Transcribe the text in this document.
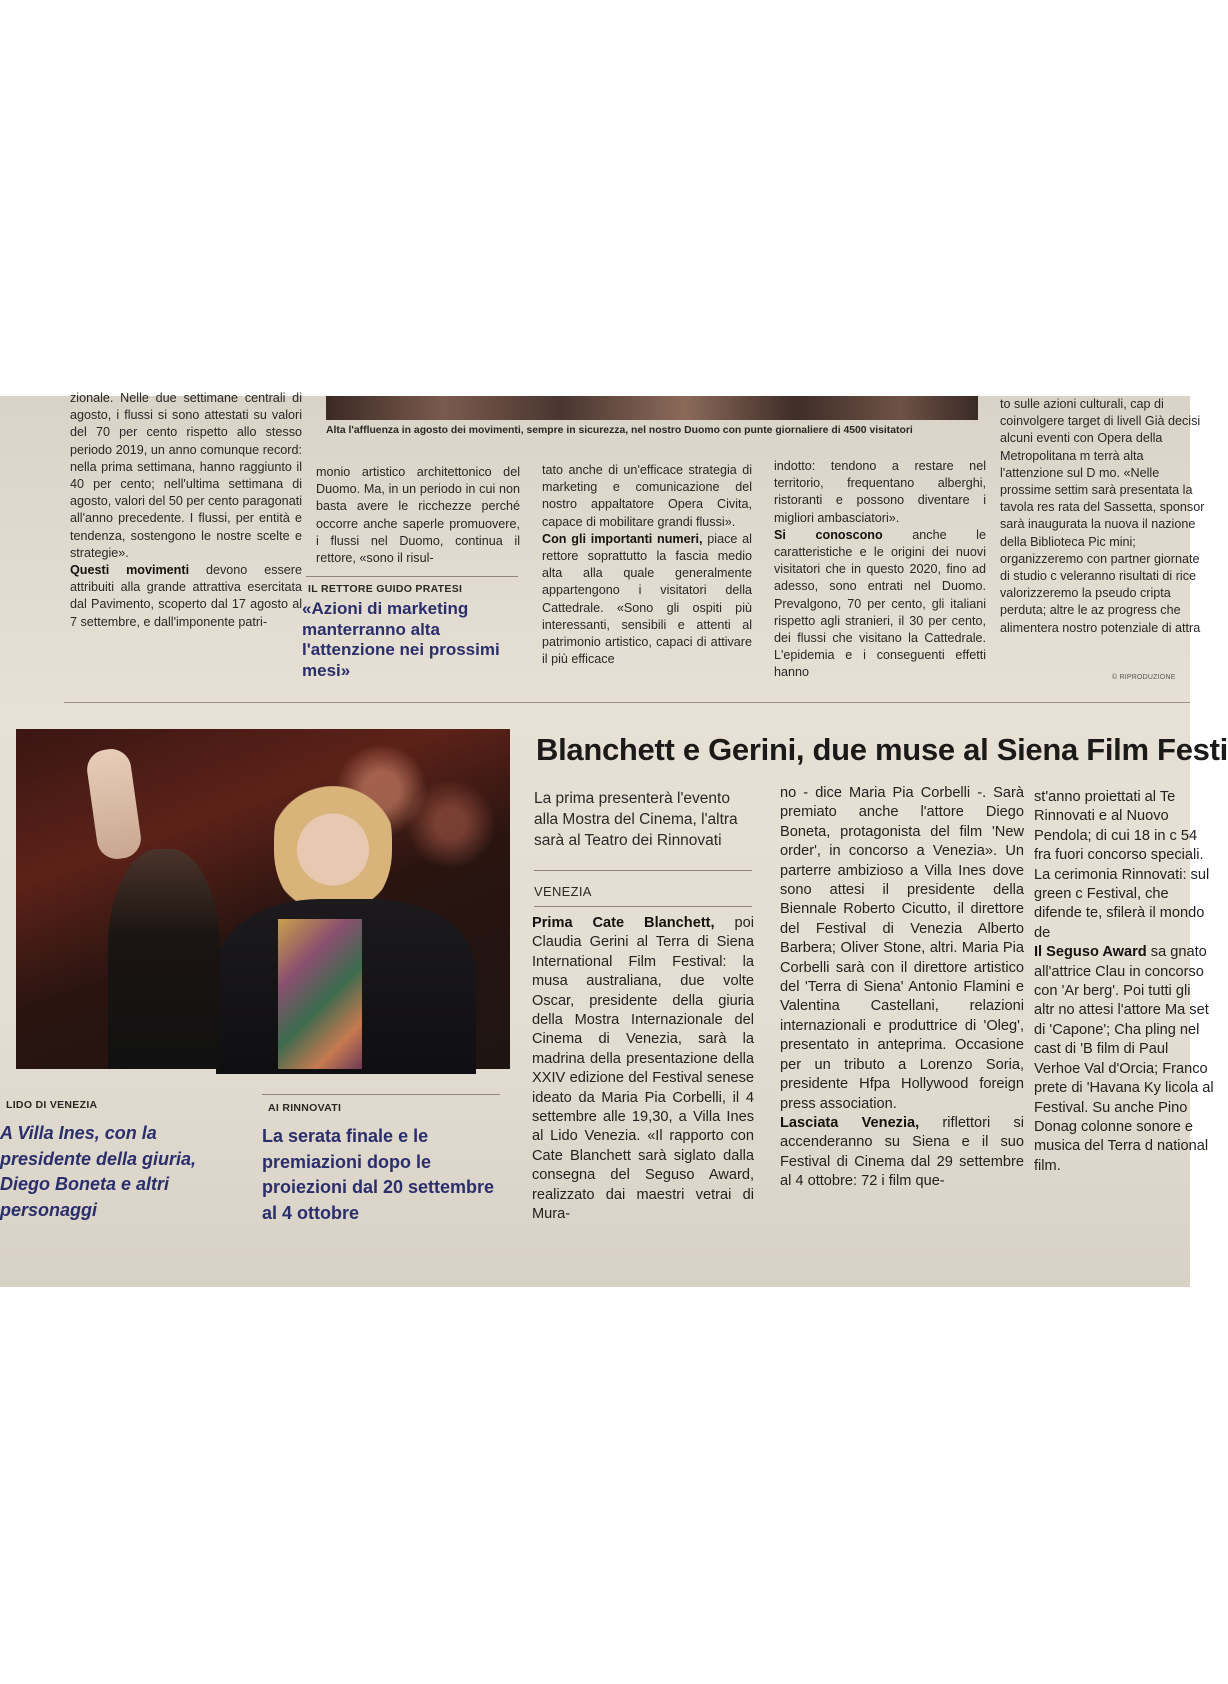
Alta l'affluenza in agosto dei movimenti, sempre in sicurezza, nel nostro Duomo con punte giornaliere di 4500 visitatori

zionale. Nelle due settimane centrali di agosto, i flussi si sono attestati su valori del 70 per cento rispetto allo stesso periodo 2019, un anno comunque record: nella prima settimana, hanno raggiunto il 40 per cento; nell'ultima settimana di agosto, valori del 50 per cento paragonati all'anno precedente. I flussi, per entità e tendenza, sostengono le nostre scelte e strategie».

Questi movimenti devono essere attribuiti alla grande attrattiva esercitata dal Pavimento, scoperto dal 17 agosto al 7 settembre, e dall'imponente patri-

monio artistico architettonico del Duomo. Ma, in un periodo in cui non basta avere le ricchezze perché occorre anche saperle promuovere, i flussi nel Duomo, continua il rettore, «sono il risul-

IL RETTORE GUIDO PRATESI
«Azioni di marketing manterranno alta l'attenzione nei prossimi mesi»

tato anche di un'efficace strategia di marketing e comunicazione del nostro appaltatore Opera Civita, capace di mobilitare grandi flussi».

Con gli importanti numeri, piace al rettore soprattutto la fascia medio alta alla quale generalmente appartengono i visitatori della Cattedrale. «Sono gli ospiti più interessanti, sensibili e attenti al patrimonio artistico, capaci di attivare il più efficace

indotto: tendono a restare nel territorio, frequentano alberghi, ristoranti e possono diventare i migliori ambasciatori».

Si conoscono anche le caratteristiche e le origini dei nuovi visitatori che in questo 2020, fino ad adesso, sono entrati nel Duomo. Prevalgono, 70 per cento, gli italiani rispetto agli stranieri, il 30 per cento, dei flussi che visitano la Cattedrale. L'epidemia e i conseguenti effetti hanno

to sulle azioni culturali, cap di coinvolgere target di livell Già decisi alcuni eventi con Opera della Metropolitana m terrà alta l'attenzione sul D mo. «Nelle prossime settim sarà presentata la tavola res rata del Sassetta, sponsor sarà inaugurata la nuova il nazione della Biblioteca Pic mini; organizzeremo con partner giornate di studio c veleranno risultati di rice valorizzeremo la pseudo cripta perduta; altre le az progress che alimentera nostro potenziale di attra

© RIPRODUZIONE
Blanchett e Gerini, due muse al Siena Film Festi
La prima presenterà l'evento alla Mostra del Cinema, l'altra sarà al Teatro dei Rinnovati
VENEZIA

Prima Cate Blanchett, poi Claudia Gerini al Terra di Siena International Film Festival: la musa australiana, due volte Oscar, presidente della giuria della Mostra Internazionale del Cinema di Venezia, sarà la madrina della presentazione della XXIV edizione del Festival senese ideato da Maria Pia Corbelli, il 4 settembre alle 19,30, a Villa Ines al Lido Venezia. «Il rapporto con Cate Blanchett sarà siglato dalla consegna del Seguso Award, realizzato dai maestri vetrai di Mura-

no - dice Maria Pia Corbelli -. Sarà premiato anche l'attore Diego Boneta, protagonista del film 'New order', in concorso a Venezia». Un parterre ambizioso a Villa Ines dove sono attesi il presidente della Biennale Roberto Cicutto, il direttore del Festival di Venezia Alberto Barbera; Oliver Stone, altri. Maria Pia Corbelli sarà con il direttore artistico del 'Terra di Siena' Antonio Flamini e Valentina Castellani, relazioni internazionali e produttrice di 'Oleg', presentato in anteprima. Occasione per un tributo a Lorenzo Soria, presidente Hfpa Hollywood foreign press association.

Lasciata Venezia, riflettori si accenderanno su Siena e il suo Festival di Cinema dal 29 settembre al 4 ottobre: 72 i film que-

st'anno proiettati al Te Rinnovati e al Nuovo Pendola; di cui 18 in c 54 fra fuori concorso speciali. La cerimonia Rinnovati: sul green c Festival, che difende te, sfilerà il mondo de

Il Seguso Award sa gnato all'attrice Clau in concorso con 'Ar berg'. Poi tutti gli altr no attesi l'attore Ma set di 'Capone'; Cha pling nel cast di 'B film di Paul Verhoe Val d'Orcia; Franco prete di 'Havana Ky licola al Festival. Su anche Pino Donag colonne sonore e musica del Terra d national film.

LIDO DI VENEZIA
A Villa Ines, con la presidente della giuria, Diego Boneta e altri personaggi
AI RINNOVATI
La serata finale e le premiazioni dopo le proiezioni dal 20 settembre al 4 ottobre
